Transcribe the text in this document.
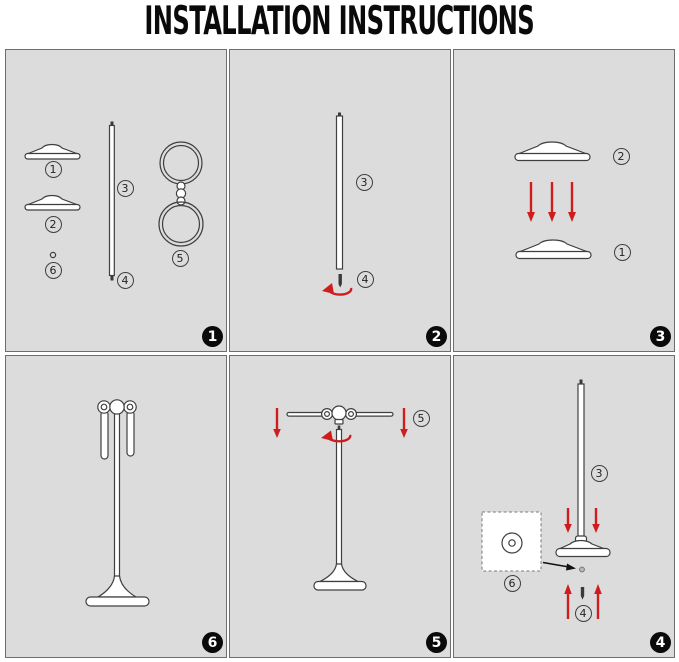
INSTALLATION INSTRUCTIONS
1
2
6
3
4
5
1
3
4
2
2
1
3
6
5
5
3
6
4
4
